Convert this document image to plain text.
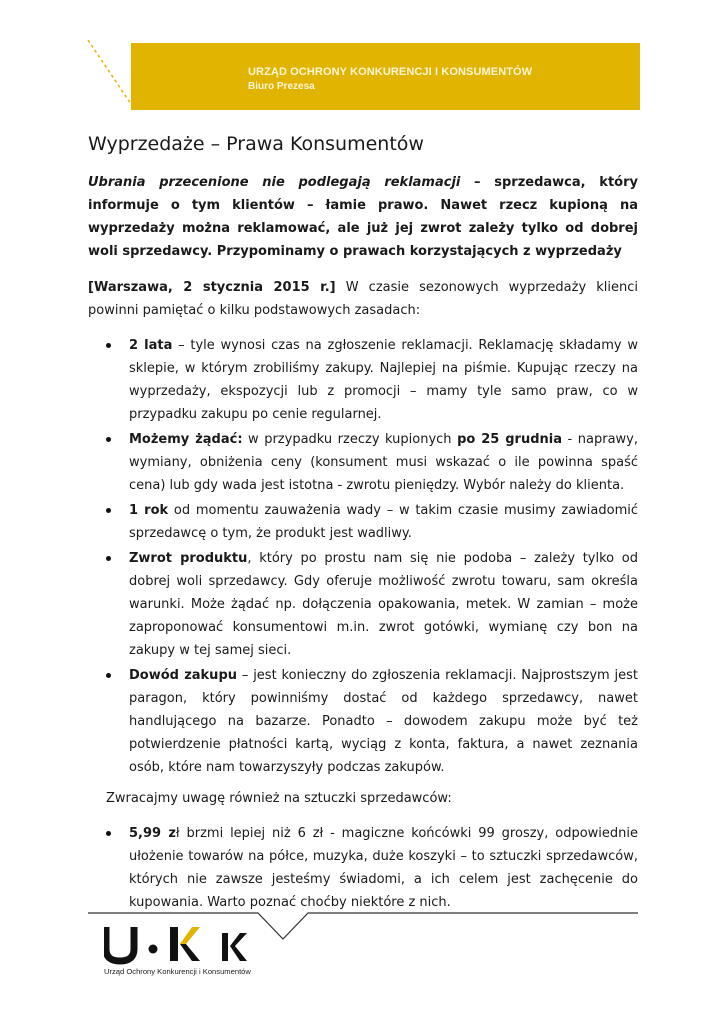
URZĄD OCHRONY KONKURENCJI I KONSUMENTÓW

Biuro Prezesa

Wyprzedaże – Prawa Konsumentów

Ubrania przecenione nie podlegają reklamacji – sprzedawca, który informuje o tym klientów – łamie prawo. Nawet rzecz kupioną na wyprzedaży można reklamować, ale już jej zwrot zależy tylko od dobrej woli sprzedawcy. Przypominamy o prawach korzystających z wyprzedaży

[Warszawa, 2 stycznia 2015 r.] W czasie sezonowych wyprzedaży klienci powinni pamiętać o kilku podstawowych zasadach:

2 lata – tyle wynosi czas na zgłoszenie reklamacji. Reklamację składamy w sklepie, w którym zrobiliśmy zakupy. Najlepiej na piśmie. Kupując rzeczy na wyprzedaży, ekspozycji lub z promocji – mamy tyle samo praw, co w przypadku zakupu po cenie regularnej.
Możemy żądać: w przypadku rzeczy kupionych po 25 grudnia - naprawy, wymiany, obniżenia ceny (konsument musi wskazać o ile powinna spaść cena) lub gdy wada jest istotna - zwrotu pieniędzy. Wybór należy do klienta.
1 rok od momentu zauważenia wady – w takim czasie musimy zawiadomić sprzedawcę o tym, że produkt jest wadliwy.
Zwrot produktu, który po prostu nam się nie podoba – zależy tylko od dobrej woli sprzedawcy. Gdy oferuje możliwość zwrotu towaru, sam określa warunki. Może żądać np. dołączenia opakowania, metek. W zamian – może zaproponować konsumentowi m.in. zwrot gotówki, wymianę czy bon na zakupy w tej samej sieci.
Dowód zakupu – jest konieczny do zgłoszenia reklamacji. Najprostszym jest paragon, który powinniśmy dostać od każdego sprzedawcy, nawet handlującego na bazarze. Ponadto – dowodem zakupu może być też potwierdzenie płatności kartą, wyciąg z konta, faktura, a nawet zeznania osób, które nam towarzyszyły podczas zakupów.

Zwracajmy uwagę również na sztuczki sprzedawców:

5,99 zł brzmi lepiej niż 6 zł - magiczne końcówki 99 groszy, odpowiednie ułożenie towarów na półce, muzyka, duże koszyki – to sztuczki sprzedawców, których nie zawsze jesteśmy świadomi, a ich celem jest zachęcenie do kupowania. Warto poznać choćby niektóre z nich.

Urząd Ochrony Konkurencji i Konsumentów
